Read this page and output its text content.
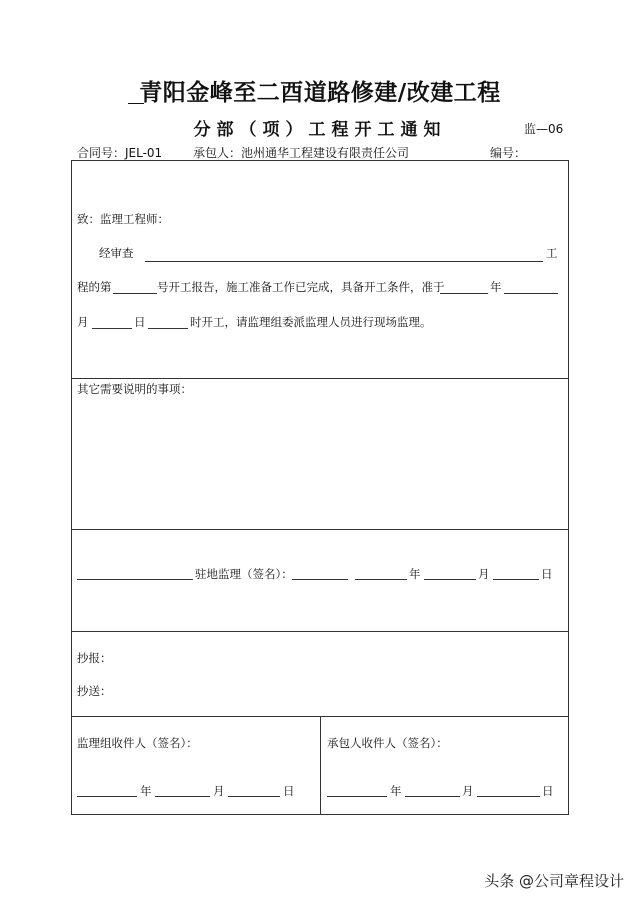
青阳金峰至二酉道路修建/改建工程
分部（项）工程开工通知	监—06
合同号：JEL-01	承包人：池州通华工程建设有限责任公司	编号：
致：监理工程师：
经审查	工
程的第	号开工报告，施工准备工作已完成，具备开工条件，准于	年
月	日	时开工，请监理组委派监理人员进行现场监理。
其它需要说明的事项：
驻地监理（签名）：	年	月	日
抄报：
抄送：
监理组收件人（签名）：	承包人收件人（签名）：
年	月	日	年	月	日
头条 @公司章程设计
